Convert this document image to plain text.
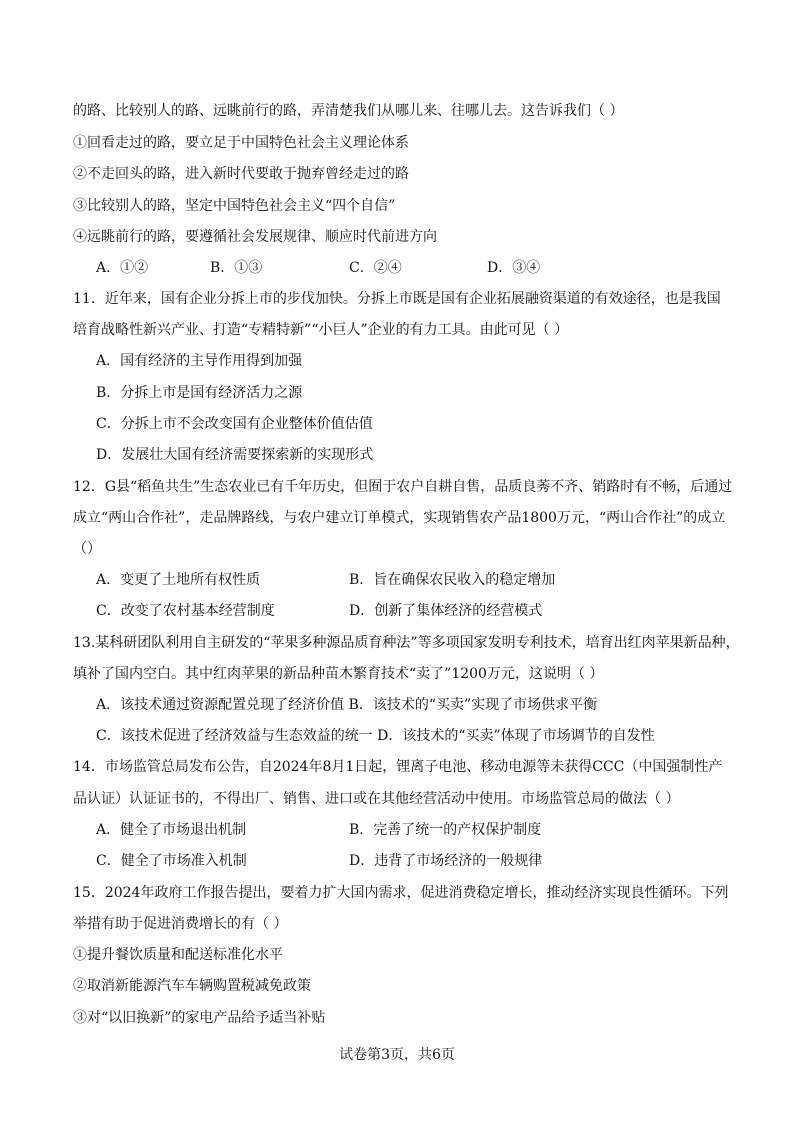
的路、比较别人的路、远眺前行的路，弄清楚我们从哪儿来、往哪儿去。这告诉我们（ ）
①回看走过的路，要立足于中国特色社会主义理论体系
②不走回头的路，进入新时代要敢于抛弃曾经走过的路
③比较别人的路，坚定中国特色社会主义“四个自信”
④远眺前行的路，要遵循社会发展规律、顺应时代前进方向
A．①②	B．①③	C．②④	D．③④
11．近年来，国有企业分拆上市的步伐加快。分拆上市既是国有企业拓展融资渠道的有效途径，也是我国
培育战略性新兴产业、打造“专精特新”“小巨人”企业的有力工具。由此可见（ ）
A．国有经济的主导作用得到加强
B．分拆上市是国有经济活力之源
C．分拆上市不会改变国有企业整体价值估值
D．发展壮大国有经济需要探索新的实现形式
12．G县“稻鱼共生”生态农业已有千年历史，但囿于农户自耕自售，品质良莠不齐、销路时有不畅，后通过
成立“两山合作社”，走品牌路线，与农户建立订单模式，实现销售农产品1800万元，“两山合作社”的成立
（）
A．变更了土地所有权性质	B．旨在确保农民收入的稳定增加
C．改变了农村基本经营制度	D．创新了集体经济的经营模式
13.某科研团队利用自主研发的“苹果多种源品质育种法”等多项国家发明专利技术，培育出红肉苹果新品种，
填补了国内空白。其中红肉苹果的新品种苗木繁育技术“卖了”1200万元，这说明（ ）
A．该技术通过资源配置兑现了经济价值 B．该技术的“买卖”实现了市场供求平衡
C．该技术促进了经济效益与生态效益的统一 D．该技术的“买卖”体现了市场调节的自发性
14．市场监管总局发布公告，自2024年8月1日起，锂离子电池、移动电源等未获得CCC（中国强制性产
品认证）认证证书的，不得出厂、销售、进口或在其他经营活动中使用。市场监管总局的做法（ ）
A．健全了市场退出机制	B．完善了统一的产权保护制度
C．健全了市场准入机制	D．违背了市场经济的一般规律
15．2024年政府工作报告提出，要着力扩大国内需求，促进消费稳定增长，推动经济实现良性循环。下列
举措有助于促进消费增长的有（ ）
①提升餐饮质量和配送标准化水平
②取消新能源汽车车辆购置税减免政策
③对“以旧换新”的家电产品给予适当补贴
试卷第3页，共6页
